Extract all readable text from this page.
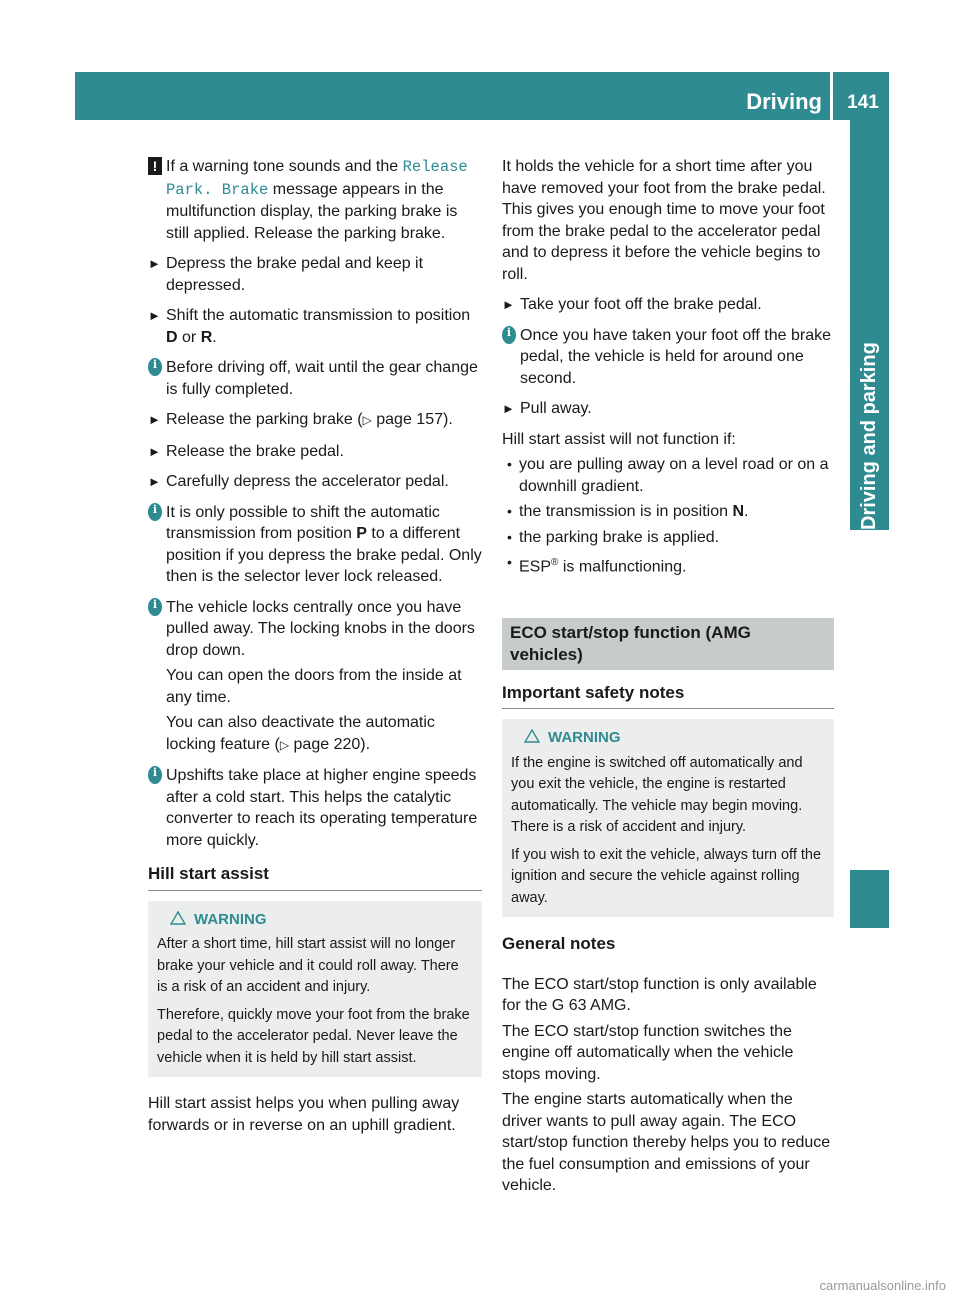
Driving	141
Driving and parking
! If a warning tone sounds and the Release Park. Brake message appears in the multifunction display, the parking brake is still applied. Release the parking brake.
► Depress the brake pedal and keep it depressed.
► Shift the automatic transmission to position D or R.
i
Before driving off, wait until the gear change is fully completed.
► Release the parking brake (▷ page 157).
► Release the brake pedal.
► Carefully depress the accelerator pedal.
i
It is only possible to shift the automatic transmission from position P to a different position if you depress the brake pedal. Only then is the selector lever lock released.
i
The vehicle locks centrally once you have pulled away. The locking knobs in the doors drop down.

You can open the doors from the inside at any time.

You can also deactivate the automatic locking feature (▷ page 220).

i
Upshifts take place at higher engine speeds after a cold start. This helps the catalytic converter to reach its operating temperature more quickly.
Hill start assist
WARNING

After a short time, hill start assist will no longer brake your vehicle and it could roll away. There is a risk of an accident and injury.

Therefore, quickly move your foot from the brake pedal to the accelerator pedal. Never leave the vehicle when it is held by hill start assist.

Hill start assist helps you when pulling away forwards or in reverse on an uphill gradient.

It holds the vehicle for a short time after you have removed your foot from the brake pedal. This gives you enough time to move your foot from the brake pedal to the accelerator pedal and to depress it before the vehicle begins to roll.

► Take your foot off the brake pedal.
i
Once you have taken your foot off the brake pedal, the vehicle is held for around one second.
► Pull away.

Hill start assist will not function if:

• you are pulling away on a level road or on a downhill gradient.
• the transmission is in position N.
• the parking brake is applied.
• ESP® is malfunctioning.
ECO start/stop function (AMG vehicles)
Important safety notes
WARNING

If the engine is switched off automatically and you exit the vehicle, the engine is restarted automatically. The vehicle may begin moving. There is a risk of accident and injury.

If you wish to exit the vehicle, always turn off the ignition and secure the vehicle against rolling away.

General notes

The ECO start/stop function is only available for the G 63 AMG.

The ECO start/stop function switches the engine off automatically when the vehicle stops moving.

The engine starts automatically when the driver wants to pull away again. The ECO start/stop function thereby helps you to reduce the fuel consumption and emissions of your vehicle.

carmanualsonline.info
